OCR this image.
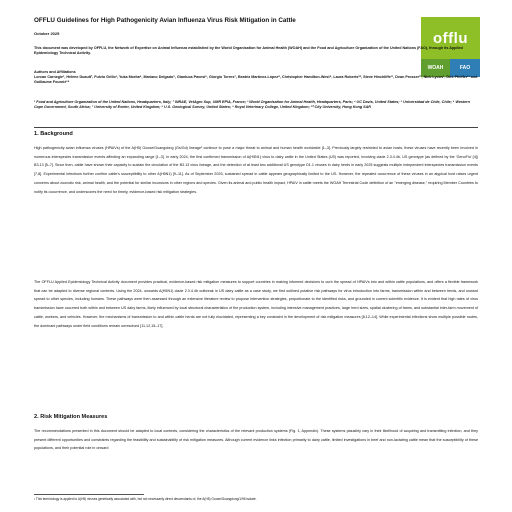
OFFLU Guidelines for High Pathogenicity Avian Influenza Virus Risk Mitigation in Cattle
October 2025	offlu
WOAH	FAO

This document was developed by OFFLU, the Network of Expertise on Animal Influenza established by the World Organisation for Animal Health (WOAH) and the Food and Agriculture Organization of the United Nations (FAO), through its Applied Epidemiology Technical Activity.

Authors and Affiliations

Lorcan Carnegie¹, Hélène Duault², Fulvio Grillo³, Yuka Morita⁴, Mariano Delgado⁵, Gianluca Pavesi⁶, Giorgio Torres⁷, Beatriz Martínez-López⁸, Christopher Hamilton-West⁹, Laura Roberts¹⁰, Steve Hinchliffe¹¹, Dean Prosser¹², Nick Lyons¹, Dirk Pfeiffer¹³ and Guillaume Fournié¹⁴

¹ Food and Agriculture Organization of the United Nations, Headquarters, Italy; ² INRAE, VetAgro Sup, UMR EPIA, France; ³ World Organisation for Animal Health, Headquarters, Paris; ⁴ UC Davis, United States; ⁵ Universidad de Chile, Chile; ⁶ Western Cape Government, South Africa; ⁷ University of Exeter, United Kingdom; ⁸ U.S. Geological Survey, United States; ⁹ Royal Veterinary College, United Kingdom; ¹⁰ City University, Hong Kong SAR

1. Background

High pathogenicity avian influenza viruses (HPAIVs) of the A(H5) Goose/Guangdong (Gs/Gd) lineage¹ continue to pose a major threat to animal and human health worldwide [1–3]. Previously largely restricted to avian hosts, these viruses have recently been involved in numerous interspecies transmission events affecting an expanding range [1–3]. In early 2024, the first confirmed transmission of A(H5N1) virus to dairy cattle in the United States (US) was reported, involving clade 2.3.4.4b, US genotype (as defined by the 'GenoFlu' [4]) B3.13 [5–7]. Since then, cattle have shown their capacity to sustain the circulation of the B3.13 virus lineage, and the detection of at least two additional US genotype D1.1 viruses in dairy herds in early 2025 suggests multiple independent interspecies transmission events [7,8]. Experimental infections further confirm cattle's susceptibility to other A(H5N1) [9–11]. As of September 2025, sustained spread in cattle appears geographically limited to the US. However, the repeated occurrence of these viruses in an atypical host raises urgent concerns about zoonotic risk, animal health, and the potential for similar incursions in other regions and species. Given its animal and public health impact, HPAIV in cattle meets the WOAH Terrestrial Code definition of an "emerging disease," requiring Member Countries to notify its occurrence, and underscores the need for timely, evidence-based risk mitigation strategies.

The OFFLU Applied Epidemiology Technical Activity document provides practical, evidence-based risk mitigation measures to support countries in making informed decisions to curb the spread of HPAIVs into and within cattle populations, and offers a flexible framework that can be adapted to diverse regional contexts. Using the 2024- onwards A(H5N1) clade 2.3.4.4b outbreak in US dairy cattle as a case study, we first outlined putative risk pathways for virus introduction into farms, transmission within and between herds, and onward spread to other species, including humans. These pathways were then assessed through an extensive literature review to propose intervention strategies, proportionate to the identified risks, and grounded in current scientific evidence. It is evident that high rates of virus transmission have occurred both within and between US dairy farms, likely influenced by local structural characteristics of the production system, including intensive management practices, large herd sizes, spatial clustering of farms, and substantial inter-farm movement of cattle, workers, and vehicles. However, the mechanisms of transmission to and within cattle herds are not fully elucidated, representing a key constraint in the development of risk mitigation measures [8,12–14]. While experimental infections show multiple possible routes, the dominant pathways under field conditions remain unresolved [11,12,15–17].

2. Risk Mitigation Measures

The recommendations presented in this document should be adapted to local contexts, considering the characteristics of the relevant production systems (Fig. 1, Appendix). These systems plausibly vary in their likelihood of acquiring and transmitting infection, and they present different opportunities and constraints regarding the feasibility and sustainability of risk mitigation measures. Although current evidence links infection primarily to dairy cattle, limited investigations in beef and non-lactating cattle mean that the susceptibility of these populations, and their potential role in onward

¹ This terminology is applied to A(H5) viruses genetically associated with, but not necessarily direct descendants of, the A(H5) Goose/Guangdong/1/96 isolate.
